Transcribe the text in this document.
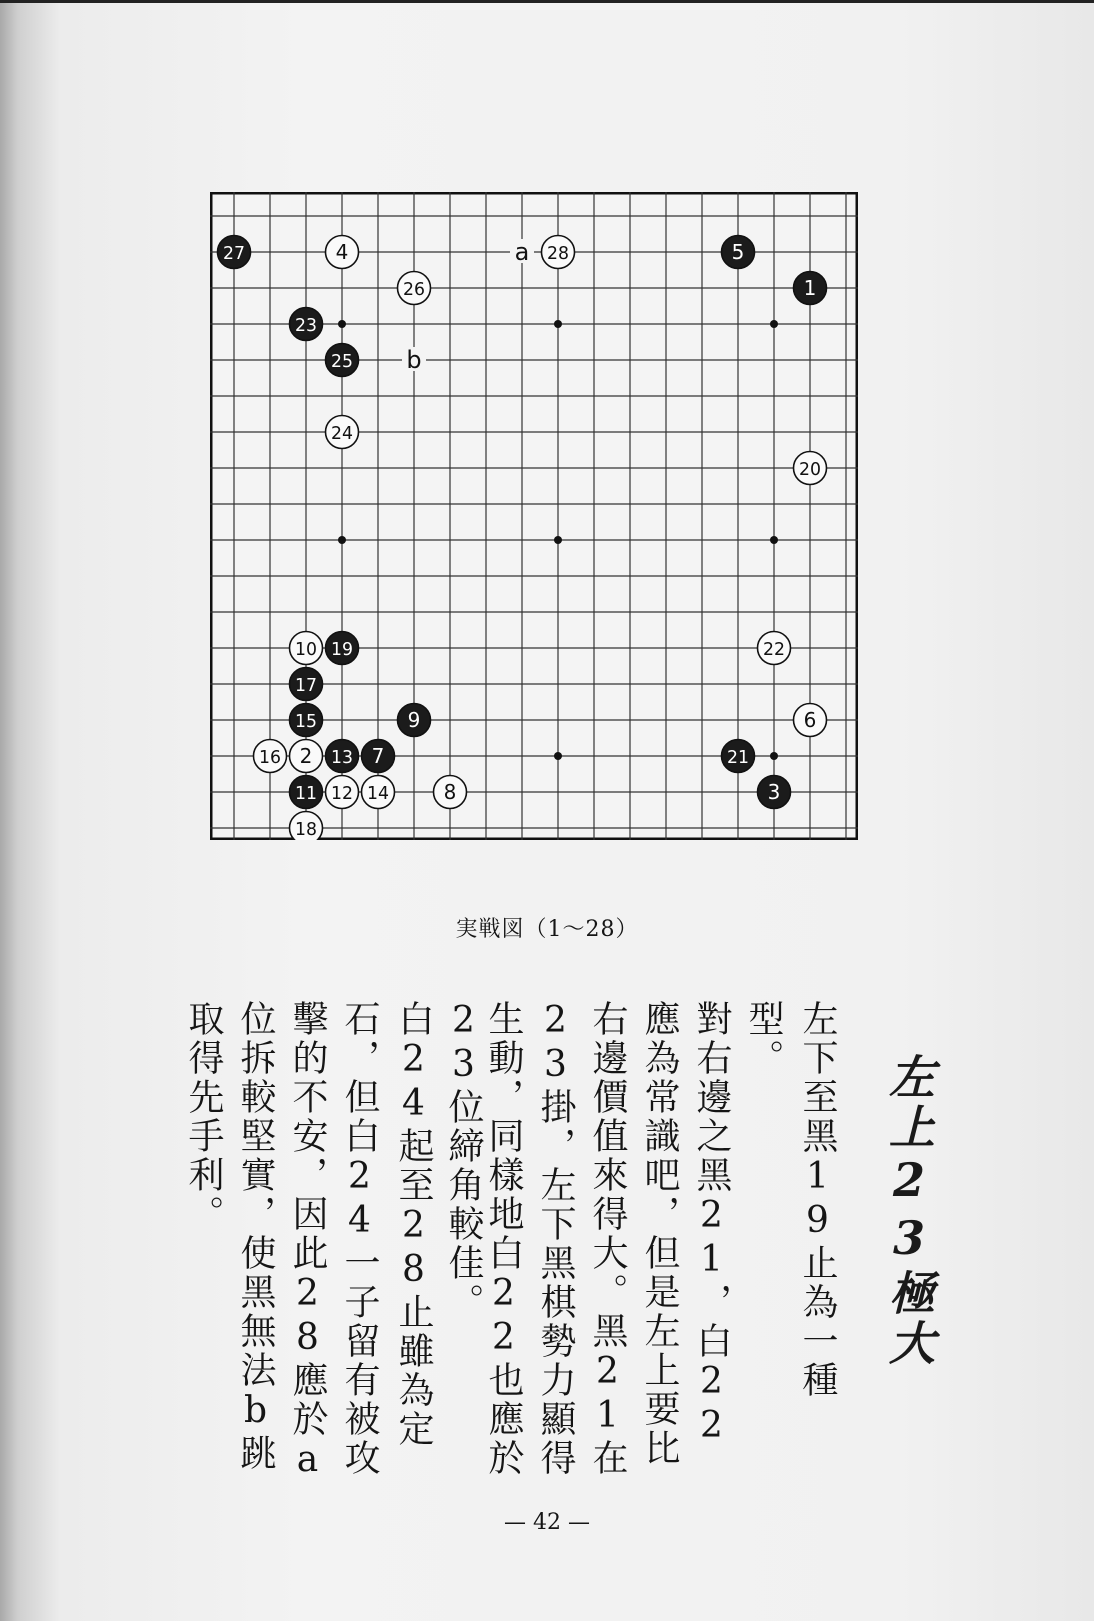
a
b
1
2
3
4	5
6
7
8
9
10
11 12
13
14
15
16
17
18
19
20
21
22
23
24
25
26
27	28
実戦図（1～28）
左上23極大
左下至黑19止為一種
型。
對右邊之黑21，白22
應為常識吧，但是左上要比
右邊價值來得大。黑21在
23掛，左下黑棋勢力顯得
生動，同樣地白22也應於
23位締角較佳。
白24起至28止雖為定
石，但白24一子留有被攻
擊的不安，因此28應於a
位拆較堅實，使黑無法b跳
取得先手利。
— 42 —
